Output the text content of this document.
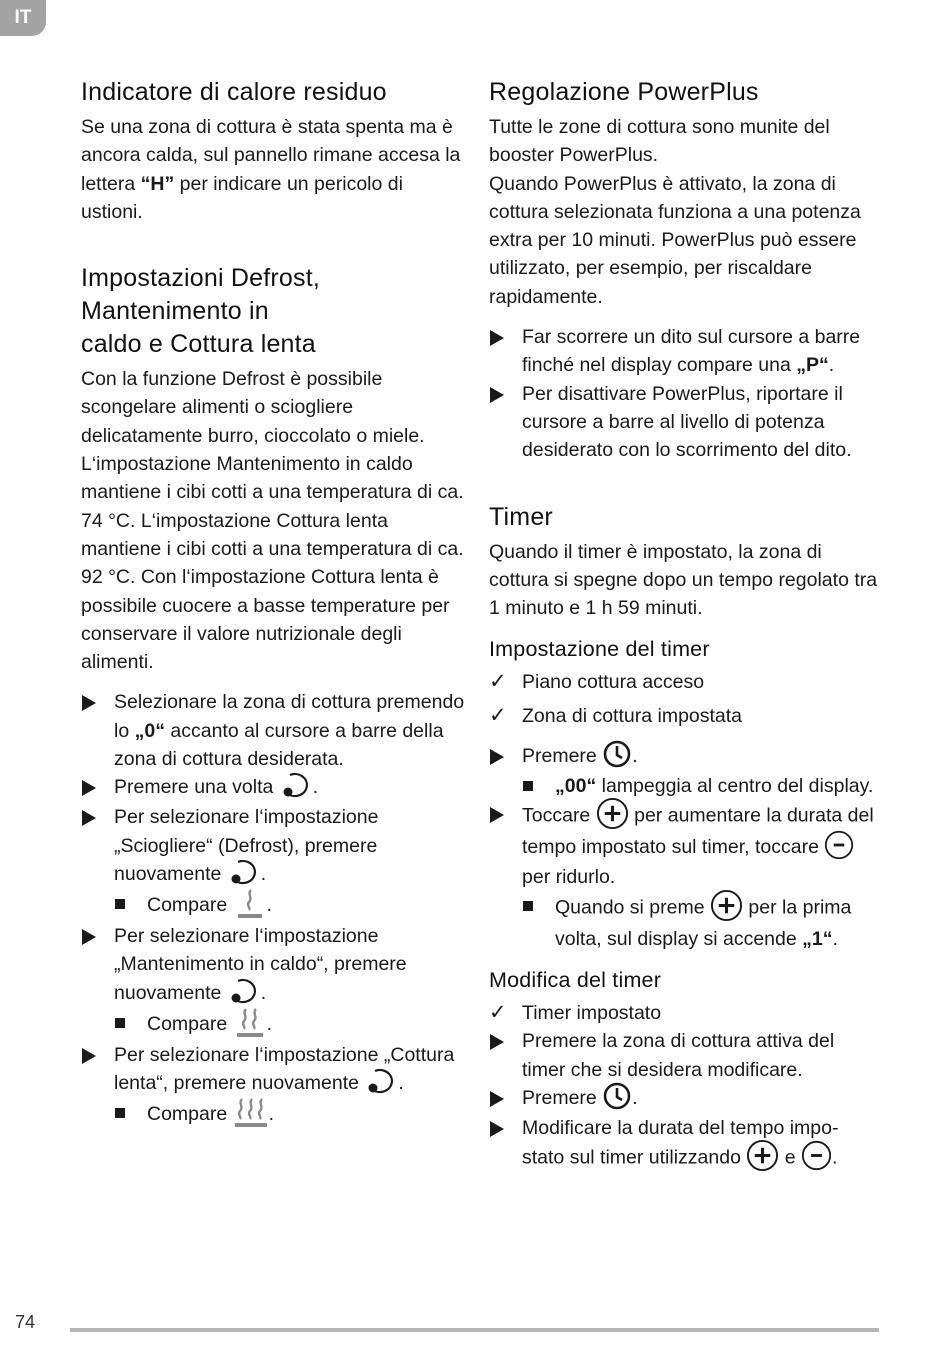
IT
Indicatore di calore residuo

Se una zona di cottura è stata spenta ma è ancora calda, sul pannello rimane accesa la lettera “H” per indicare un pericolo di ustioni.

Impostazioni Defrost,
Mantenimento in
caldo e Cottura lenta

Con la funzione Defrost è possibile scongelare alimenti o sciogliere delicatamente burro, cioccolato o miele. L‘impostazione Mantenimento in caldo mantiene i cibi cotti a una temperatura di ca. 74 °C. L‘impostazione Cottura lenta mantiene i cibi cotti a una temperatura di ca. 92 °C. Con l‘impostazione Cottura lenta è possibile cuocere a basse temperature per conservare il valore nutrizionale degli alimenti.

Selezionare la zona di cottura premendo lo „0“ accanto al cursore a barre della zona di cottura desiderata.
Premere una volta .
Per selezionare l‘impostazione „Sciogliere“ (Defrost), premere nuovamente .
Compare .
Per selezionare l‘impostazione „Mantenimento in caldo“, premere nuovamente .
Compare .
Per selezionare l‘impostazione „Cottura lenta“, premere nuovamente .
Compare .
Regolazione PowerPlus

Tutte le zone di cottura sono munite del booster PowerPlus.

Quando PowerPlus è attivato, la zona di cottura selezionata funziona a una potenza extra per 10 minuti. PowerPlus può essere utilizzato, per esempio, per riscaldare rapidamente.

Far scorrere un dito sul cursore a barre finché nel display compare una „P“.
Per disattivare PowerPlus, riportare il cursore a barre al livello di potenza desiderato con lo scorrimento del dito.
Timer

Quando il timer è impostato, la zona di cottura si spegne dopo un tempo regolato tra 1 minuto e 1 h 59 minuti.

Impostazione del timer
✓ Piano cottura acceso
✓ Zona di cottura impostata
Premere .
„00“ lampeggia al centro del display.
Toccare  per aumentare la durata del tempo impostato sul timer, toccare  per ridurlo.
Quando si preme  per la prima volta, sul display si accende „1“.
Modifica del timer
✓ Timer impostato
Premere la zona di cottura attiva del timer che si desidera modificare.
Premere .
Modificare la durata del tempo impo-stato sul timer utilizzando  e .
74
